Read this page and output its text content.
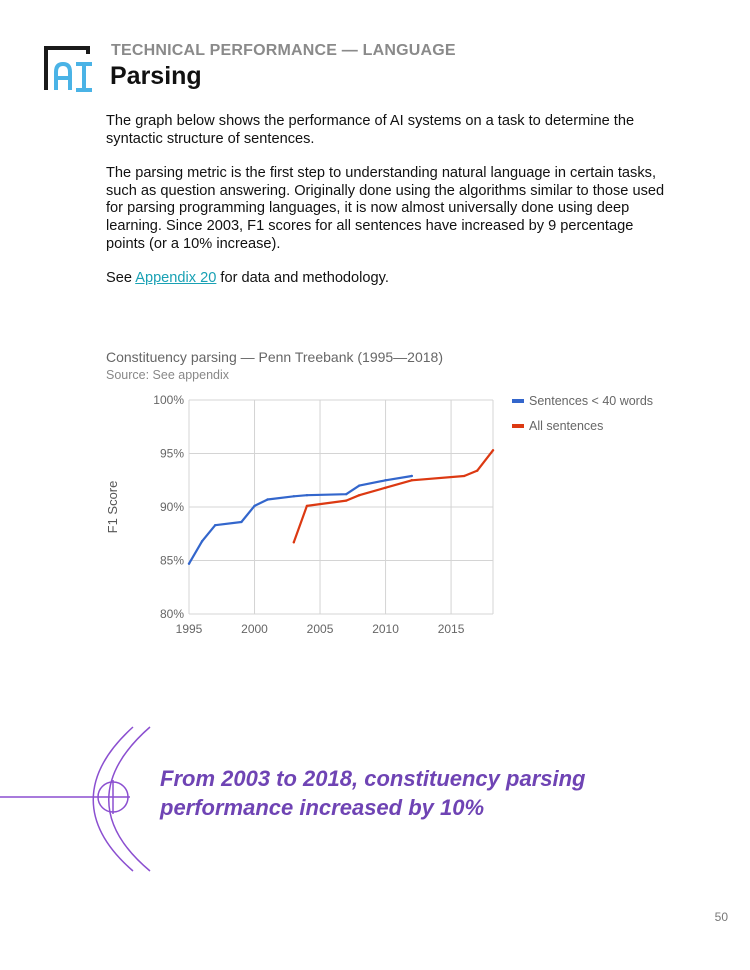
TECHNICAL PERFORMANCE — LANGUAGE
Parsing

The graph below shows the performance of AI systems on a task to determine the syntactic structure of sentences.

The parsing metric is the first step to understanding natural language in certain tasks, such as question answering. Originally done using the algorithms similar to those used for parsing programming languages, it is now almost universally done using deep learning. Since 2003, F1 scores for all sentences have increased by 9 percentage points (or a 10% increase).

See Appendix 20 for data and methodology.

Constituency parsing — Penn Treebank (1995—2018)
Source: See appendix
80%
85%
90%
95%
100%
1995	2000	2005	2010	2015
F1 Score
Sentences < 40 words
All sentences
From 2003 to 2018, constituency parsing performance increased by 10%
50
